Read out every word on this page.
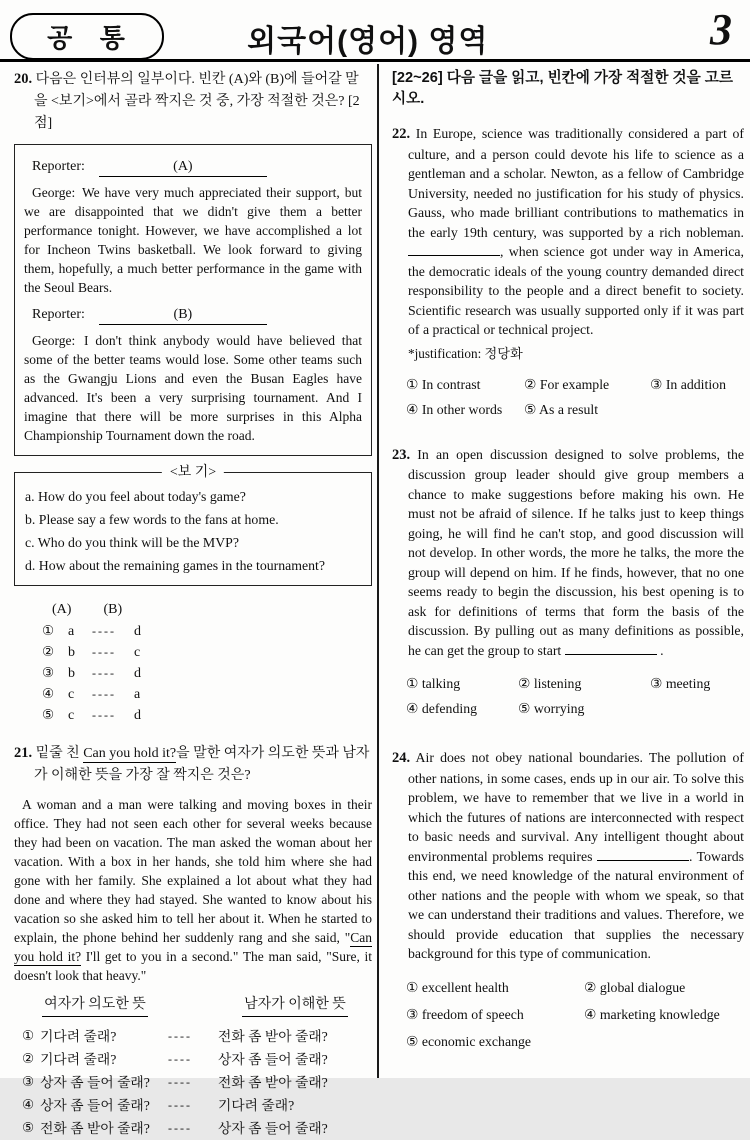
공   통	외국어(영어) 영역	3
20. 다음은 인터뷰의 일부이다. 빈칸 (A)와 (B)에 들어갈 말을 <보기>에서 골라 짝지은 것 중, 가장 적절한 것은? [2점]
Reporter:	(A)

George: We have very much appreciated their support, but we are disappointed that we didn't give them a better performance tonight. However, we have accomplished a lot for Incheon Twins basketball. We look forward to giving them, hopefully, a much better performance in the game with the Seoul Bears.

Reporter:	(B)

George: I don't think anybody would have believed that some of the better teams would lose. Some other teams such as the Gwangju Lions and even the Busan Eagles have advanced. It's been a very surprising tournament. And I imagine that there will be more surprises in this Alpha Championship Tournament down the road.

<보 기>
a. How do you feel about today's game?
b. Please say a few words to the fans at home.
c. Who do you think will be the MVP?
d. How about the remaining games in the tournament?
(A) (B)
① a	----	d
② b	----	c
③ b	----	d
④ c	----	a
⑤ c	----	d
21. 밑줄 친 Can you hold it?을 말한 여자가 의도한 뜻과 남자가 이해한 뜻을 가장 잘 짝지은 것은?

A woman and a man were talking and moving boxes in their office. They had not seen each other for several weeks because they had been on vacation. The man asked the woman about her vacation. With a box in her hands, she told him where she had gone with her family. She explained a lot about what they had done and where they had stayed. She wanted to know about his vacation so she asked him to tell her about it. When he started to explain, the phone behind her suddenly rang and she said, "Can you hold it? I'll get to you in a second." The man said, "Sure, it doesn't look that heavy."

여자가 의도한 뜻	남자가 이해한 뜻
① 기다려 줄래?	----	전화 좀 받아 줄래?
② 기다려 줄래?	----	상자 좀 들어 줄래?
③ 상자 좀 들어 줄래? ----	전화 좀 받아 줄래?
④ 상자 좀 들어 줄래? ----	기다려 줄래?
⑤ 전화 좀 받아 줄래? ----	상자 좀 들어 줄래?
[22~26] 다음 글을 읽고, 빈칸에 가장 적절한 것을 고르시오.

22. In Europe, science was traditionally considered a part of culture, and a person could devote his life to science as a gentleman and a scholar. Newton, as a fellow of Cambridge University, needed no justification for his study of physics. Gauss, who made brilliant contributions to mathematics in the early 19th century, was supported by a rich nobleman. , when science got under way in America, the democratic ideals of the young country demanded direct responsibility to the people and a direct benefit to society. Scientific research was usually supported only if it was part of a practical or technical project.

*justification: 정당화
① In contrast	② For example	③ In addition
④ In other words	⑤ As a result

23. In an open discussion designed to solve problems, the discussion group leader should give group members a chance to make suggestions before making his own. He must not be afraid of silence. If he talks just to keep things going, he will find he can't stop, and good discussion will not develop. In other words, the more he talks, the more the group will depend on him. If he finds, however, that no one seems ready to begin the discussion, his best opening is to ask for definitions of terms that form the basis of the discussion. By pulling out as many definitions as possible, he can get the group to start	.

① talking	② listening	③ meeting
④ defending	⑤ worrying

24. Air does not obey national boundaries. The pollution of other nations, in some cases, ends up in our air. To solve this problem, we have to remember that we live in a world in which the futures of nations are interconnected with respect to basic needs and survival. Any intelligent thought about environmental problems requires	. Towards this end, we need knowledge of the natural environment of other nations and the people with whom we speak, so that we can understand their traditions and values. Therefore, we should provide education that supplies the necessary background for this type of communication.

① excellent health	② global dialogue
③ freedom of speech	④ marketing knowledge
⑤ economic exchange
